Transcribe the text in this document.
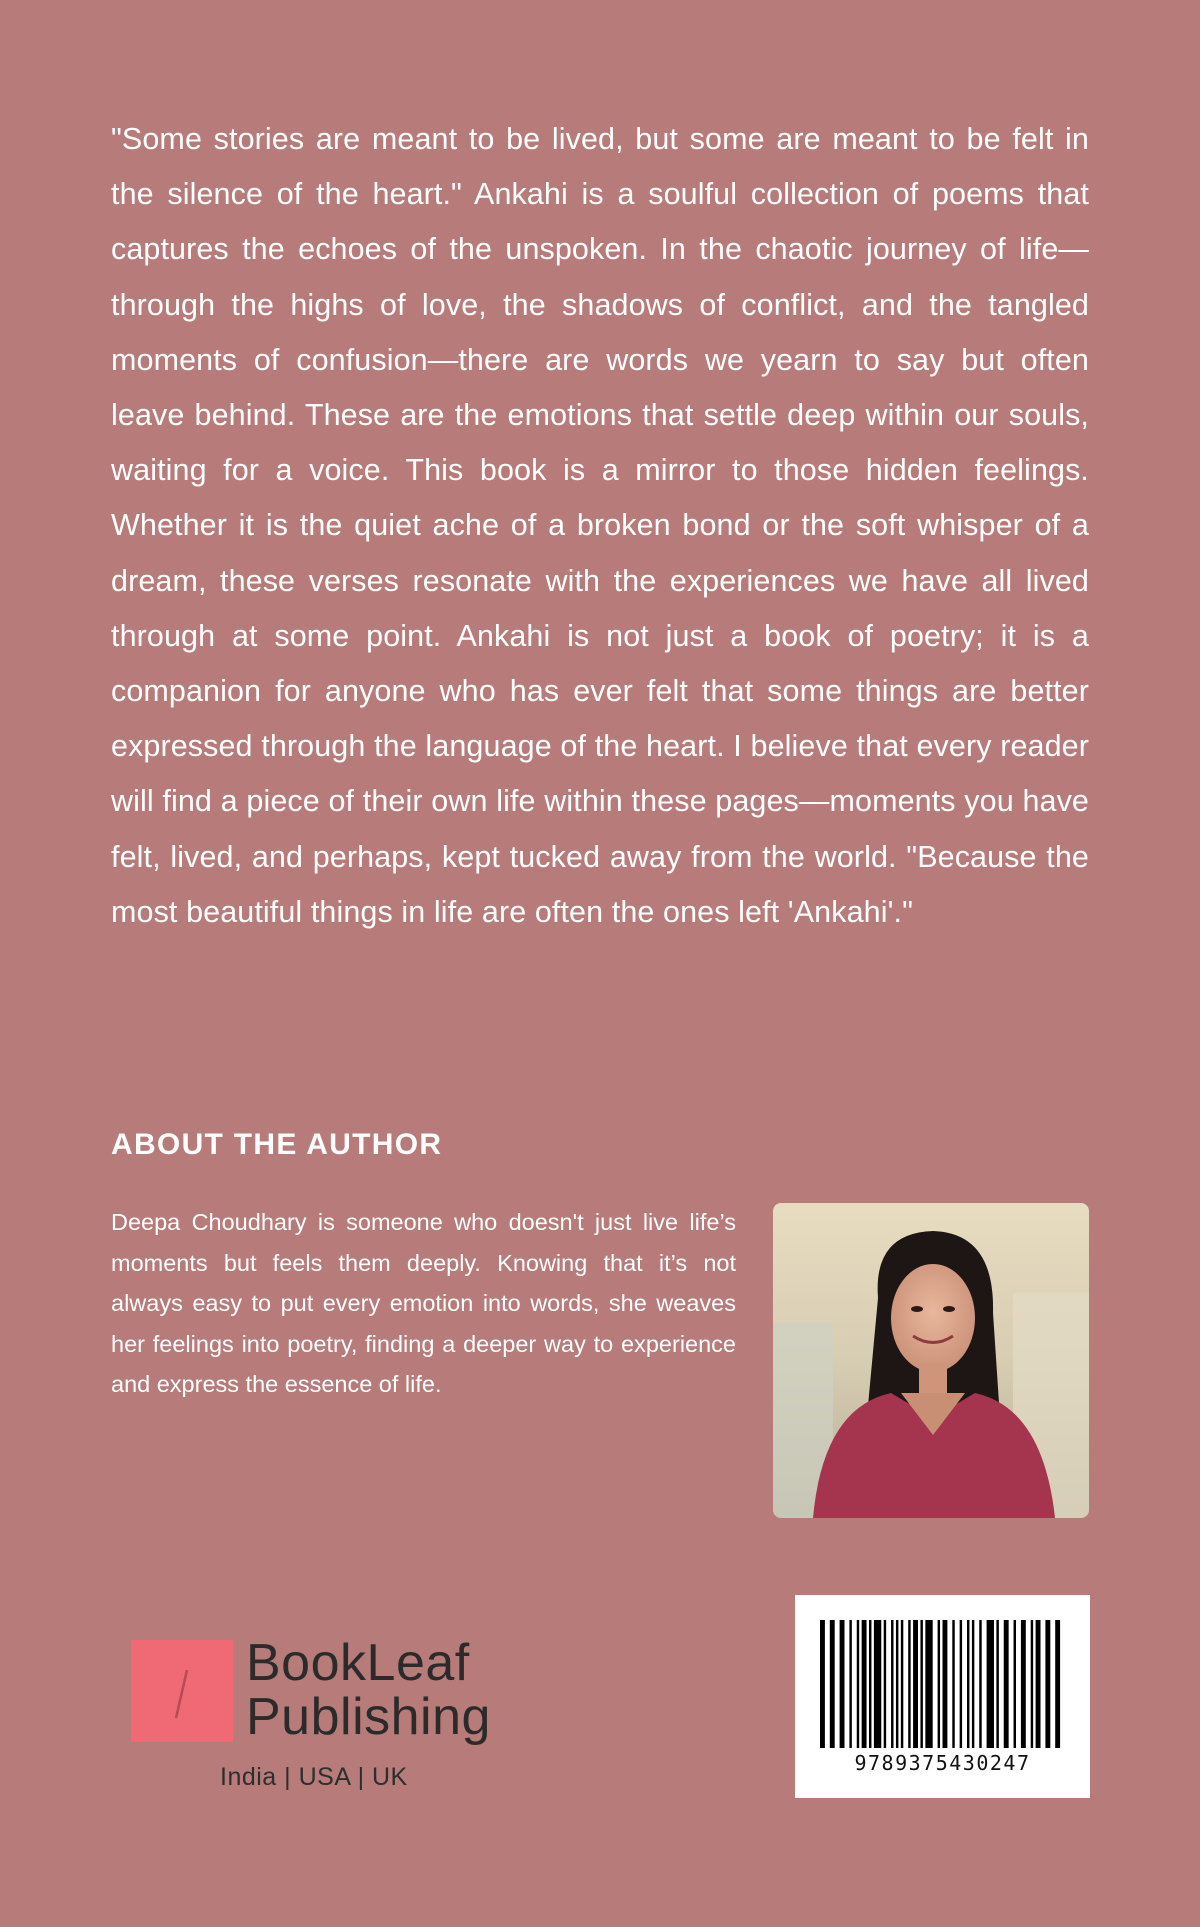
"Some stories are meant to be lived, but some are meant to be felt in the silence of the heart." Ankahi is a soulful collection of poems that captures the echoes of the unspoken. In the chaotic journey of life—through the highs of love, the shadows of conflict, and the tangled moments of confusion—there are words we yearn to say but often leave behind. These are the emotions that settle deep within our souls, waiting for a voice. This book is a mirror to those hidden feelings. Whether it is the quiet ache of a broken bond or the soft whisper of a dream, these verses resonate with the experiences we have all lived through at some point. Ankahi is not just a book of poetry; it is a companion for anyone who has ever felt that some things are better expressed through the language of the heart. I believe that every reader will find a piece of their own life within these pages—moments you have felt, lived, and perhaps, kept tucked away from the world. "Because the most beautiful things in life are often the ones left 'Ankahi'."
ABOUT THE AUTHOR
Deepa Choudhary is someone who doesn't just live life’s moments but feels them deeply. Knowing that it’s not always easy to put every emotion into words, she weaves her feelings into poetry, finding a deeper way to experience and express the essence of life.
BookLeaf
Publishing
India | USA | UK	9789375430247
